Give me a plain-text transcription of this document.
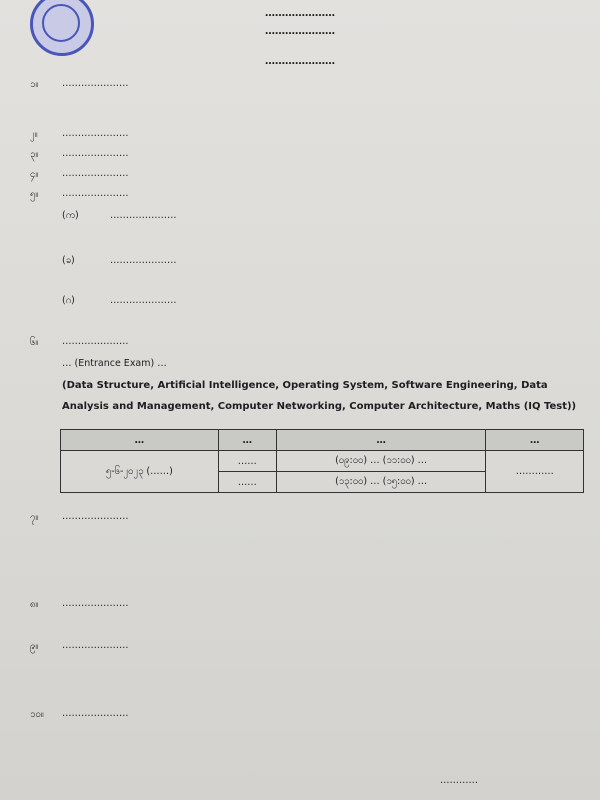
…………………
…………………
…………………
၁။	…………………
၂။	…………………
၃။	…………………
၄။	…………………
၅။	…………………
(က)	…………………
(ခ)	…………………
(ဂ)	…………………
၆။	…………………
… (Entrance Exam) …
(Data Structure, Artificial Intelligence, Operating System, Software Engineering, Data Analysis and Management, Computer Networking, Computer Architecture, Maths (IQ Test))
…	…	…	…
၅-၆-၂၀၂၃ (……)	……	(၀၉:၀၀) … (၁၁:၀၀) …	…………
	……	(၁၃:၀၀) … (၁၅:၀၀) …	
၇။	…………………
၈။ …………………
၉။	…………………
၁၀။ …………………
…………
